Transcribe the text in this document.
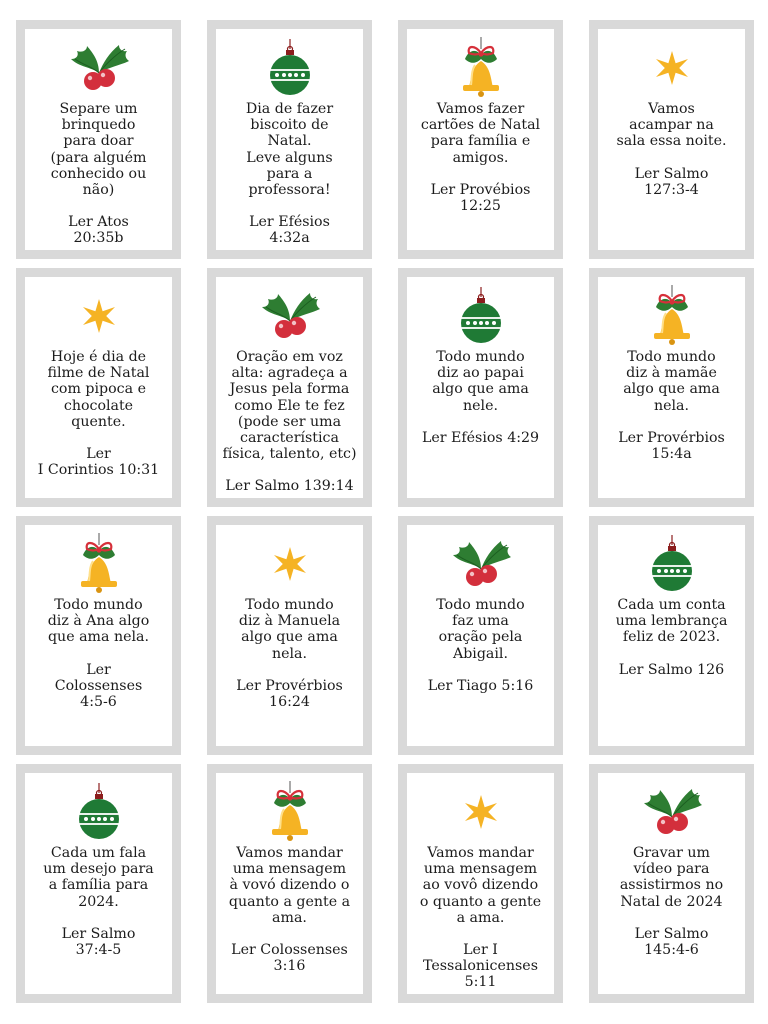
Separe um
brinquedo
para doar
(para alguém
conhecido ou
não)
Ler Atos
20:35b
Dia de fazer
biscoito de
Natal.
Leve alguns
para a
professora!
Ler Efésios
4:32a
Vamos fazer
cartões de Natal
para família e
amigos.
Ler Provébios
12:25
Vamos
acampar na
sala essa noite.
Ler Salmo
127:3-4
Hoje é dia de
filme de Natal
com pipoca e
chocolate
quente.
Ler
I Corintios 10:31
Oração em voz
alta: agradeça a
Jesus pela forma
como Ele te fez
(pode ser uma
característica
física, talento, etc)
Ler Salmo 139:14
Todo mundo
diz ao papai
algo que ama
nele.
Ler Efésios 4:29
Todo mundo
diz à mamãe
algo que ama
nela.
Ler Provérbios
15:4a
Todo mundo
diz à Ana algo
que ama nela.
Ler
Colossenses
4:5-6
Todo mundo
diz à Manuela
algo que ama
nela.
Ler Provérbios
16:24
Todo mundo
faz uma
oração pela
Abigail.
Ler Tiago 5:16
Cada um conta
uma lembrança
feliz de 2023.
Ler Salmo 126
Cada um fala
um desejo para
a família para
2024.
Ler Salmo
37:4-5
Vamos mandar
uma mensagem
à vovó dizendo o
quanto a gente a
ama.
Ler Colossenses
3:16
Vamos mandar
uma mensagem
ao vovô dizendo
o quanto a gente
a ama.
Ler I
Tessalonicenses
5:11
Gravar um
vídeo para
assistirmos no
Natal de 2024
Ler Salmo
145:4-6
